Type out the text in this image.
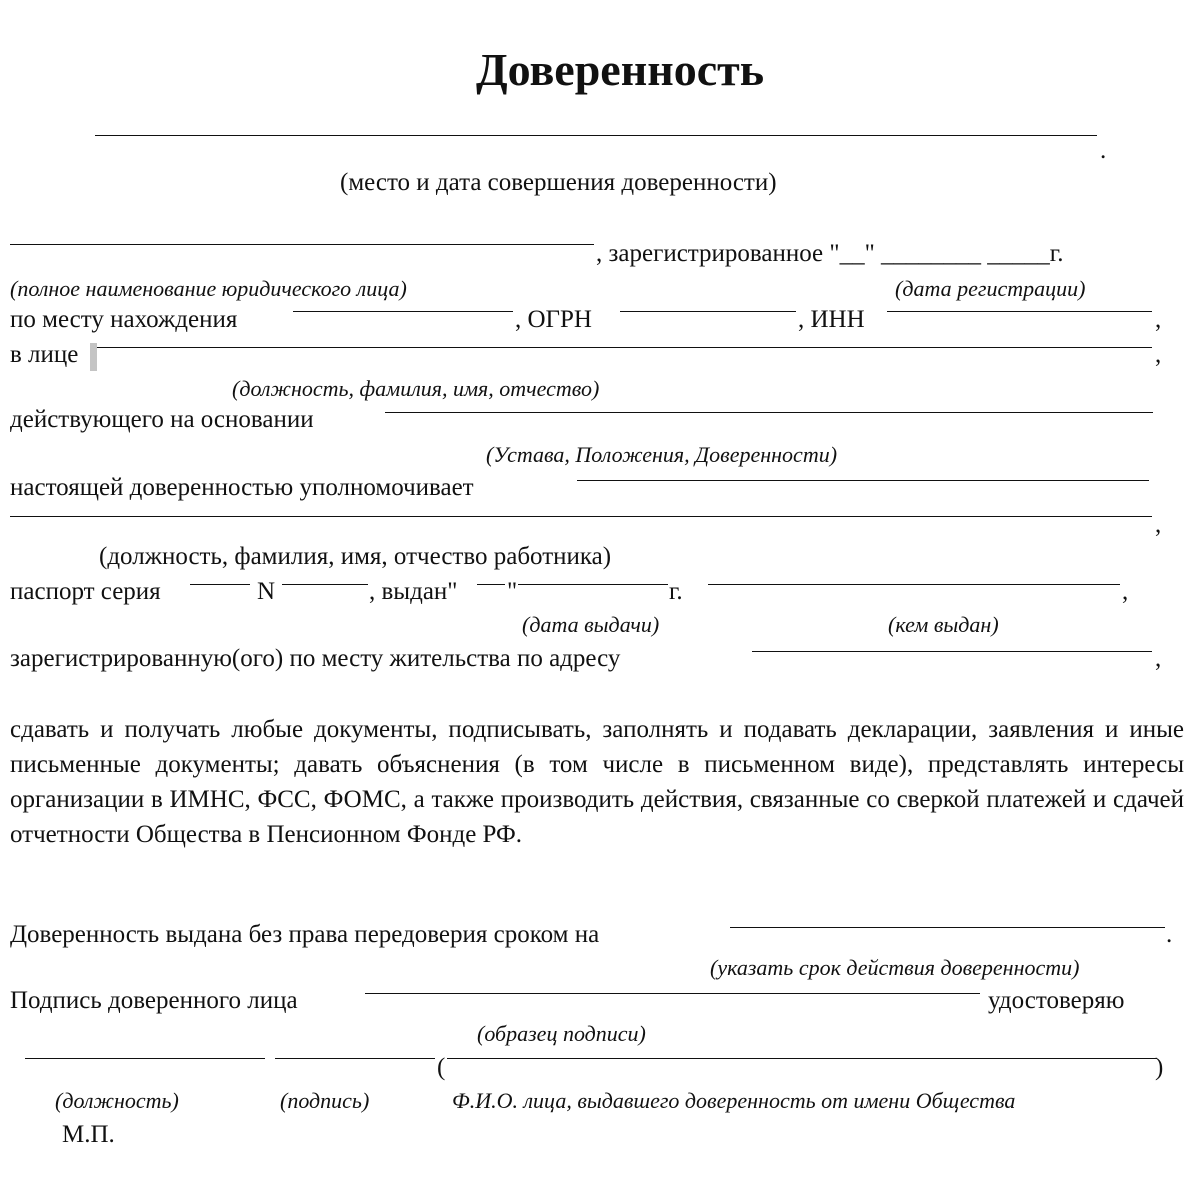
Доверенность
.
(место и дата совершения доверенности)
, зарегистрированное "__" ________ _____г.
(полное наименование юридического лица)	(дата регистрации)
по месту нахождения	, ОГРН	, ИНН	,
в лице	,
(должность, фамилия, имя, отчество)
действующего на основании
(Устава, Положения, Доверенности)
настоящей доверенностью уполномочивает
,
(должность, фамилия, имя, отчество работника)
паспорт серия	N	, выдан" "	г.	,
(дата выдачи)	(кем выдан)
зарегистрированную(ого) по месту жительства по адресу	,
сдавать и получать любые документы, подписывать, заполнять и подавать декларации, заявления и иные письменные документы; давать объяснения (в том числе в письменном виде), представлять интересы организации в ИМНС, ФСС, ФОМС, а также производить действия, связанные со сверкой платежей и сдачей отчетности Общества в Пенсионном Фонде РФ.
Доверенность выдана без права передоверия сроком на	.
(указать срок действия доверенности)
Подпись доверенного лица	удостоверяю
(образец подписи)
(	)
(должность)	(подпись)	Ф.И.О. лица, выдавшего доверенность от имени Общества
М.П.
